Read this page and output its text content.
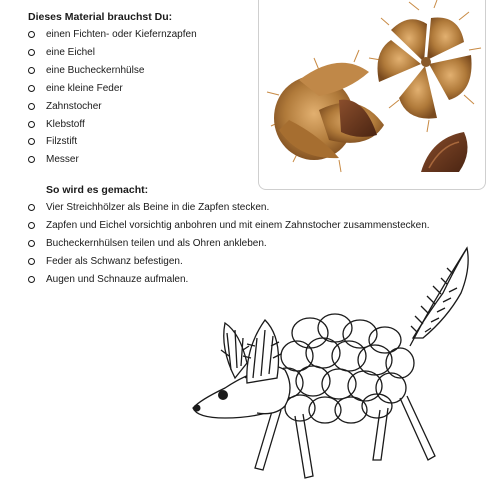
Dieses Material brauchst Du:
einen Fichten- oder Kiefernzapfen
eine Eichel
eine Bucheckernhülse
eine kleine Feder
Zahnstocher
Klebstoff
Filzstift
Messer
So wird es gemacht:
Vier Streichhölzer als Beine in die Zapfen stecken.
Zapfen und Eichel vorsichtig anbohren und mit einem Zahnstocher zusammenstecken.
Bucheckernhülsen teilen und als Ohren ankleben.
Feder als Schwanz befestigen.
Augen und Schnauze aufmalen.
